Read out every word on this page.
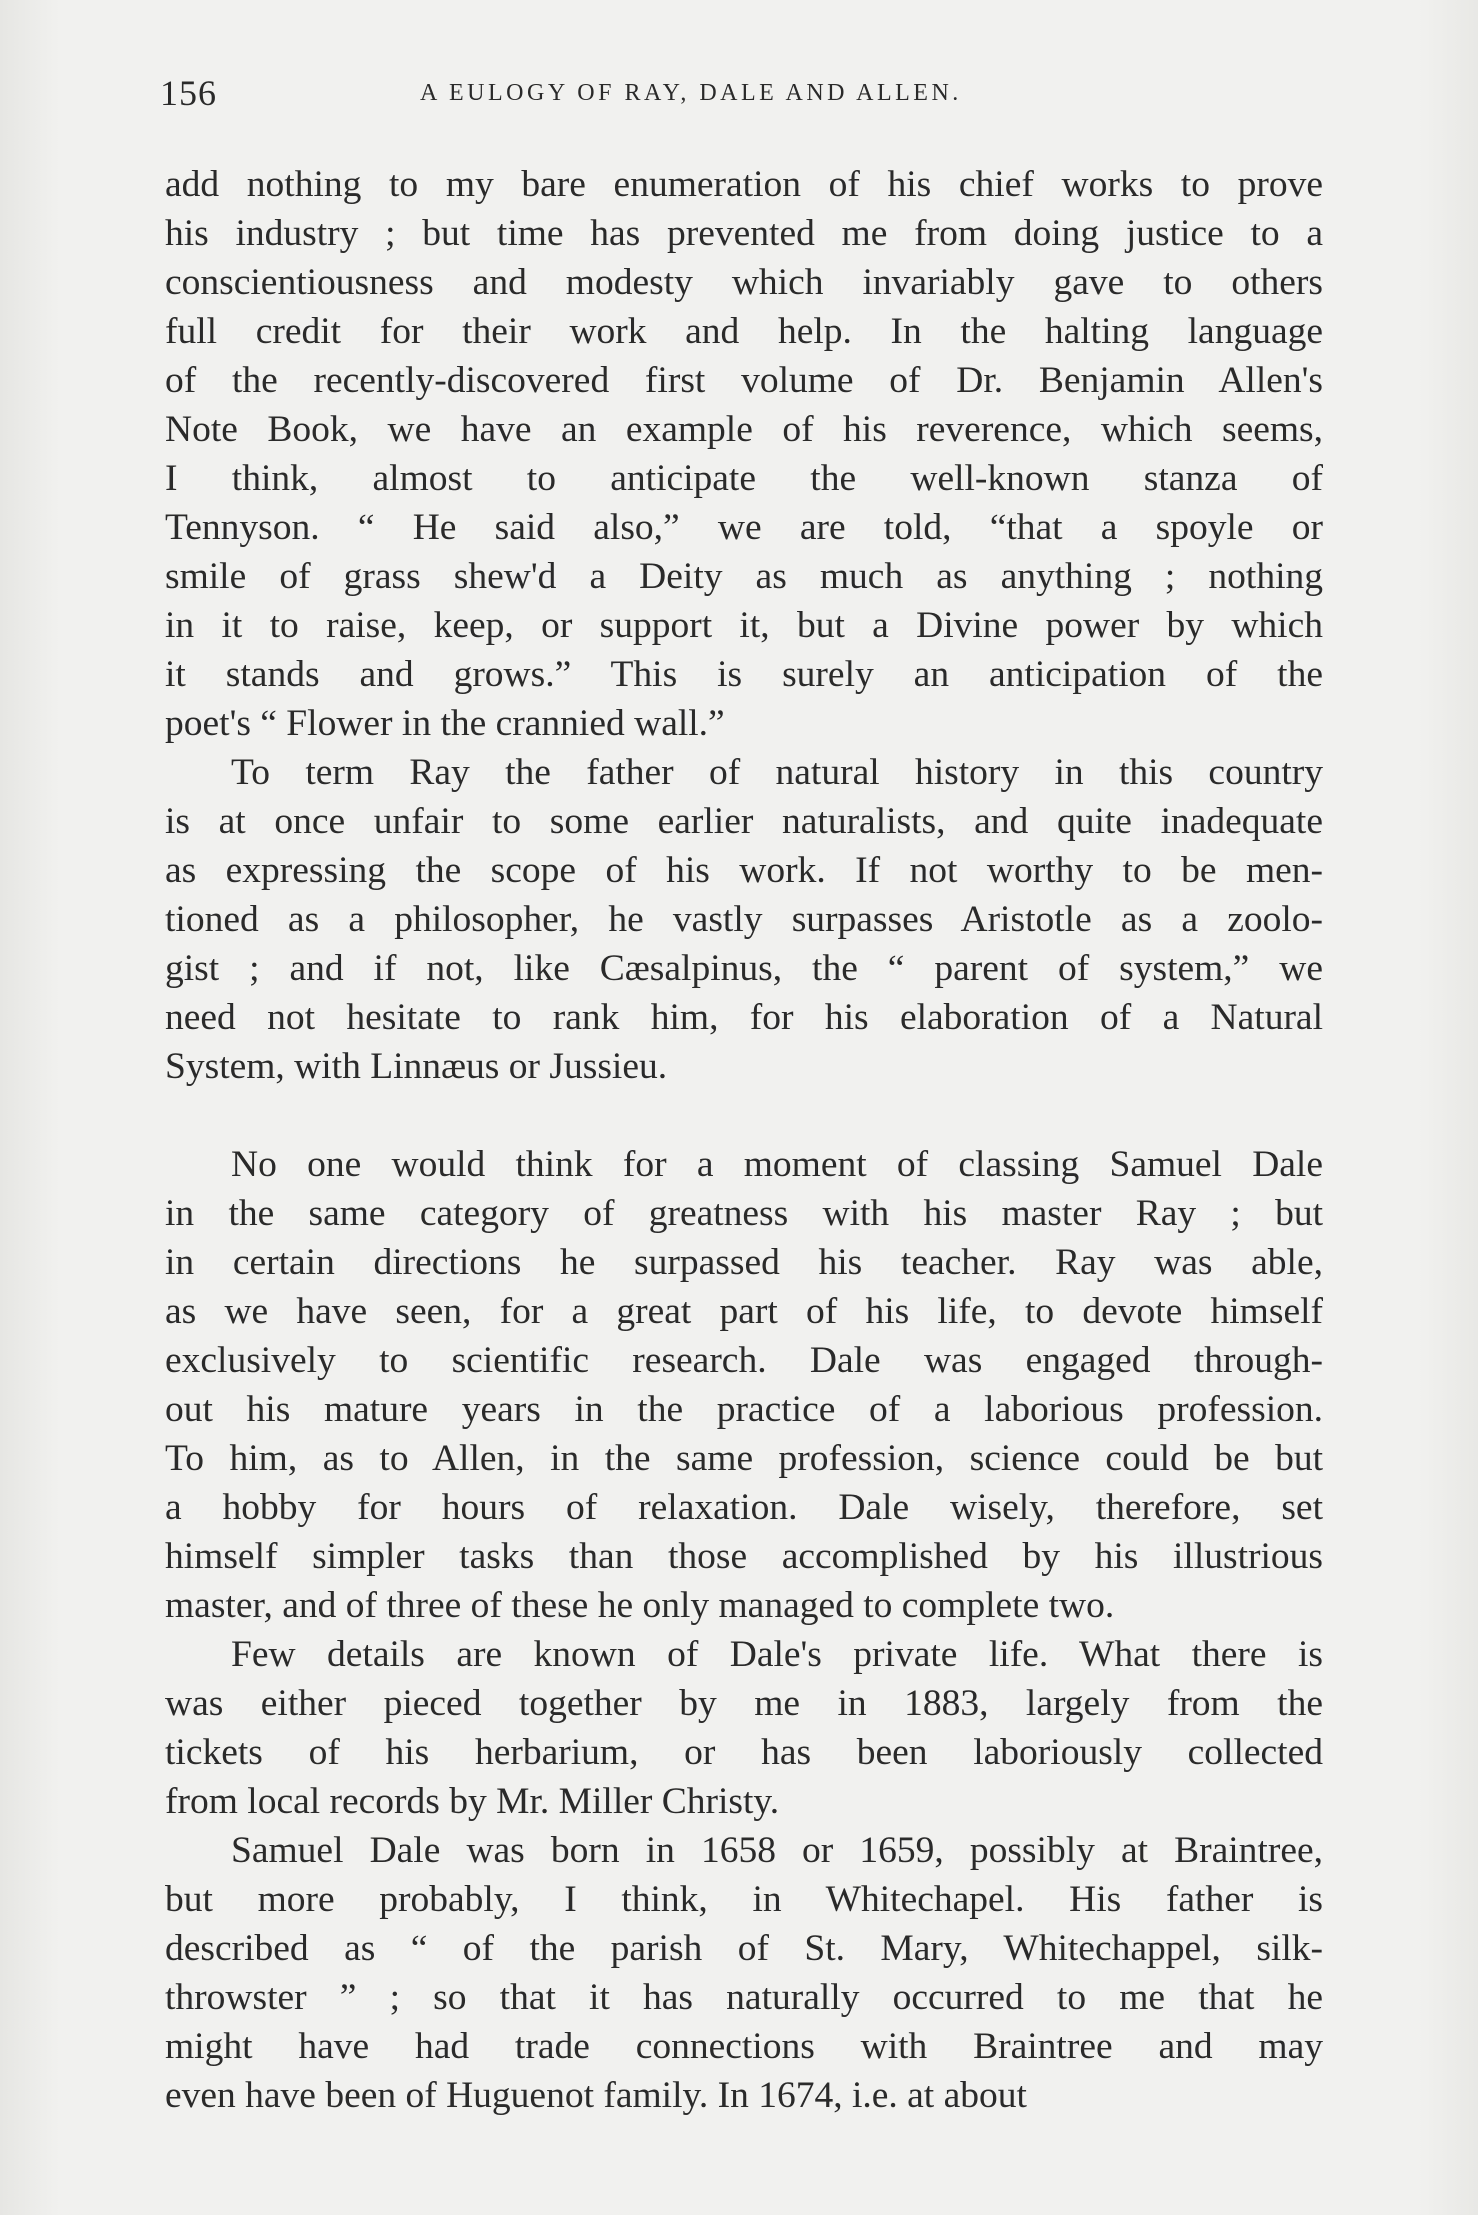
156	A EULOGY OF RAY, DALE AND ALLEN.
add nothing to my bare enumeration of his chief works to prove
his industry ; but time has prevented me from doing justice to a
conscientiousness and modesty which invariably gave to others
full credit for their work and help. In the halting language
of the recently-discovered first volume of Dr. Benjamin Allen's
Note Book, we have an example of his reverence, which seems,
I think, almost to anticipate the well-known stanza of
Tennyson. “ He said also,” we are told, “that a spoyle or
smile of grass shew'd a Deity as much as anything ; nothing
in it to raise, keep, or support it, but a Divine power by which
it stands and grows.” This is surely an anticipation of the
poet's “ Flower in the crannied wall.”
To term Ray the father of natural history in this country
is at once unfair to some earlier naturalists, and quite inadequate
as expressing the scope of his work. If not worthy to be men-
tioned as a philosopher, he vastly surpasses Aristotle as a zoolo-
gist ; and if not, like Cæsalpinus, the “ parent of system,” we
need not hesitate to rank him, for his elaboration of a Natural
System, with Linnæus or Jussieu.
No one would think for a moment of classing Samuel Dale
in the same category of greatness with his master Ray ; but
in certain directions he surpassed his teacher. Ray was able,
as we have seen, for a great part of his life, to devote himself
exclusively to scientific research. Dale was engaged through-
out his mature years in the practice of a laborious profession.
To him, as to Allen, in the same profession, science could be but
a hobby for hours of relaxation. Dale wisely, therefore, set
himself simpler tasks than those accomplished by his illustrious
master, and of three of these he only managed to complete two.
Few details are known of Dale's private life. What there is
was either pieced together by me in 1883, largely from the
tickets of his herbarium, or has been laboriously collected
from local records by Mr. Miller Christy.
Samuel Dale was born in 1658 or 1659, possibly at Braintree,
but more probably, I think, in Whitechapel. His father is
described as “ of the parish of St. Mary, Whitechappel, silk-
throwster ” ; so that it has naturally occurred to me that he
might have had trade connections with Braintree and may
even have been of Huguenot family. In 1674, i.e. at about
